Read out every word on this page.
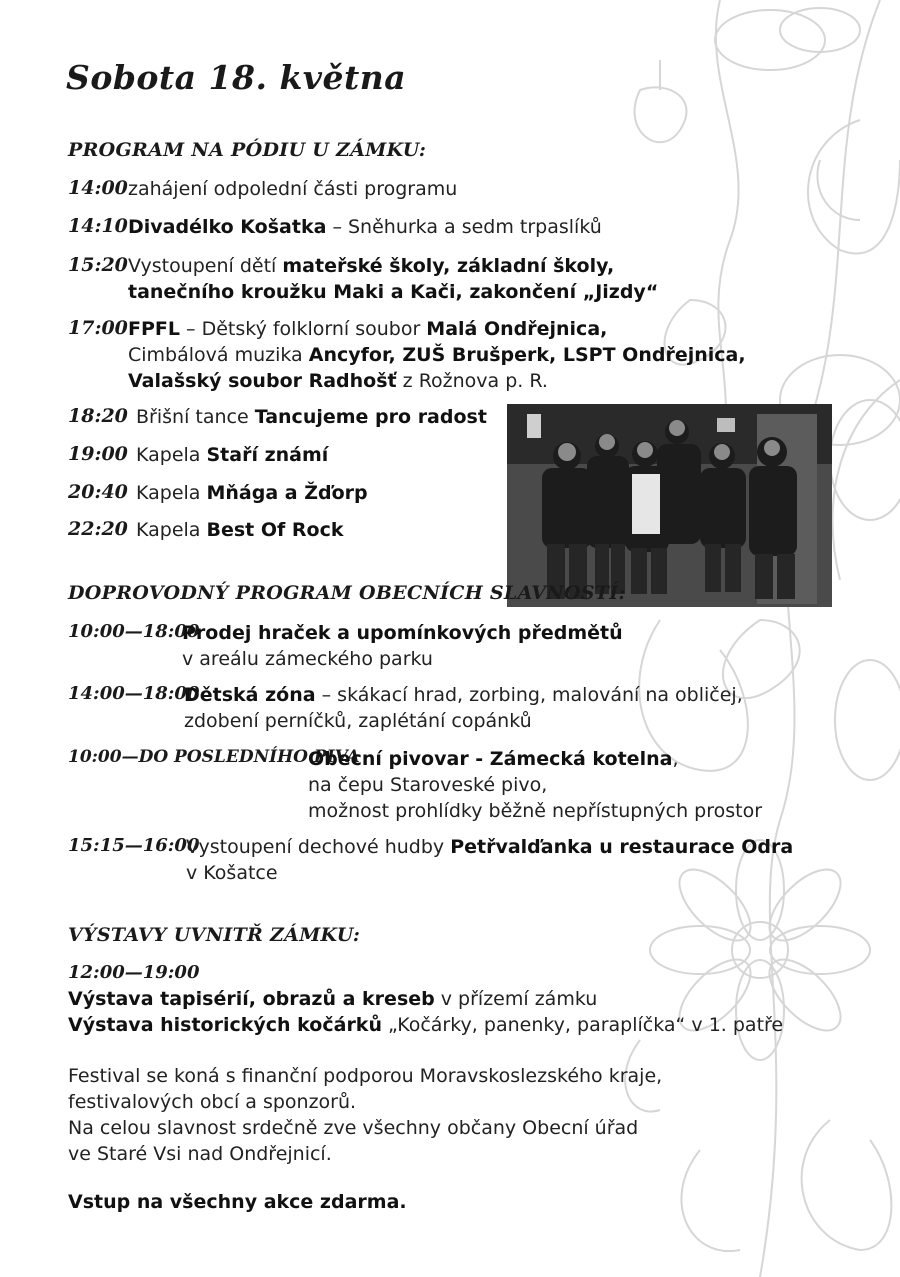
Sobota 18. května
PROGRAM NA PÓDIU U ZÁMKU:
14:00 zahájení odpolední části programu
14:10 Divadélko Košatka – Sněhurka a sedm trpaslíků
15:20 Vystoupení dětí mateřské školy, základní školy,
tanečního kroužku Maki a Kači, zakončení „Jizdy“
17:00 FPFL – Dětský folklorní soubor Malá Ondřejnica,
Cimbálová muzika Ancyfor, ZUŠ Brušperk, LSPT Ondřejnica,
Valašský soubor Radhošť z Rožnova p. R.
18:20 Břišní tance Tancujeme pro radost
19:00 Kapela Staří známí
20:40 Kapela Mňága a Žďorp
22:20 Kapela Best Of Rock
DOPROVODNÝ PROGRAM OBECNÍCH SLAVNOSTÍ:
10:00—18:00
Prodej hraček a upomínkových předmětů
v areálu zámeckého parku
14:00—18:00
Dětská zóna – skákací hrad, zorbing, malování na obličej,
zdobení perníčků, zaplétání copánků
10:00—DO POSLEDNÍHO PIVA
Obecní pivovar - Zámecká kotelna,
na čepu Staroveské pivo,
možnost prohlídky běžně nepřístupných prostor
15:15—16:00
Vystoupení dechové hudby Petřvalďanka u restaurace Odra
v Košatce
VÝSTAVY UVNITŘ ZÁMKU:
12:00—19:00
Výstava tapisérií, obrazů a kreseb v přízemí zámku
Výstava historických kočárků „Kočárky, panenky, paraplíčka“ v 1. patře
Festival se koná s finanční podporou Moravskoslezského kraje,
festivalových obcí a sponzorů.
Na celou slavnost srdečně zve všechny občany Obecní úřad
ve Staré Vsi nad Ondřejnicí.
Vstup na všechny akce zdarma.
